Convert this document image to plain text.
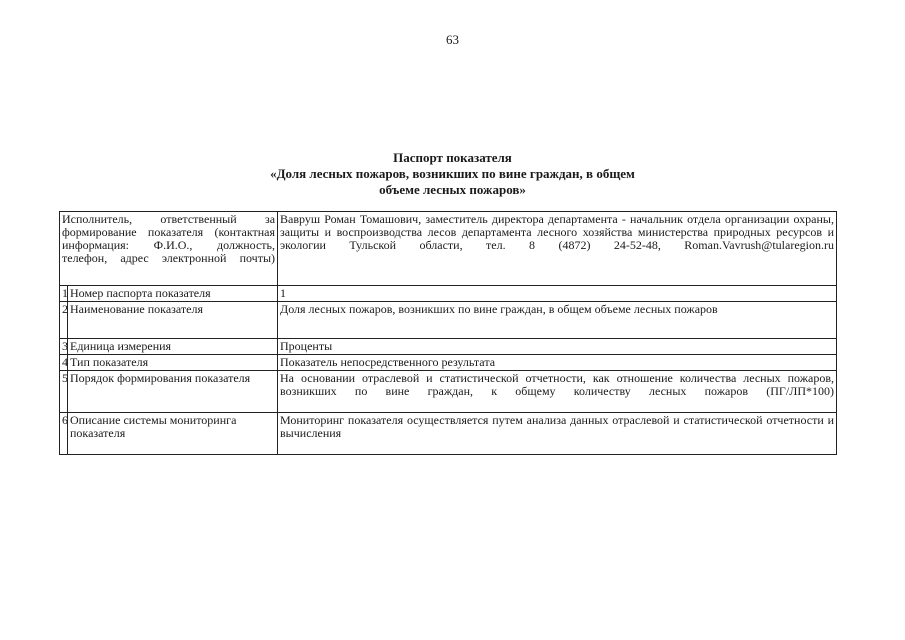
63
Паспорт показателя
«Доля лесных пожаров, возникших по вине граждан, в общем
объеме лесных пожаров»
Исполнитель, ответственный за формирование показателя (контактная информация: Ф.И.О., должность, телефон, адрес электронной почты)		Вавруш Роман Томашович, заместитель директора департамента - начальник отдела организации охраны, защиты и воспроизводства лесов департамента лесного хозяйства министерства природных ресурсов и экологии Тульской области, тел. 8 (4872) 24-52-48, Roman.Vavrush@tularegion.ru
1	Номер паспорта показателя	1
2	Наименование показателя	Доля лесных пожаров, возникших по вине граждан, в общем объеме лесных пожаров
3	Единица измерения	Проценты
4	Тип показателя	Показатель непосредственного результата
5	Порядок формирования показателя	На основании отраслевой и статистической отчетности, как отношение количества лесных пожаров, возникших по вине граждан, к общему количеству лесных пожаров (ПГ/ЛП*100)
6	Описание системы мониторинга показателя	Мониторинг показателя осуществляется путем анализа данных отраслевой и статистической отчетности и вычисления
